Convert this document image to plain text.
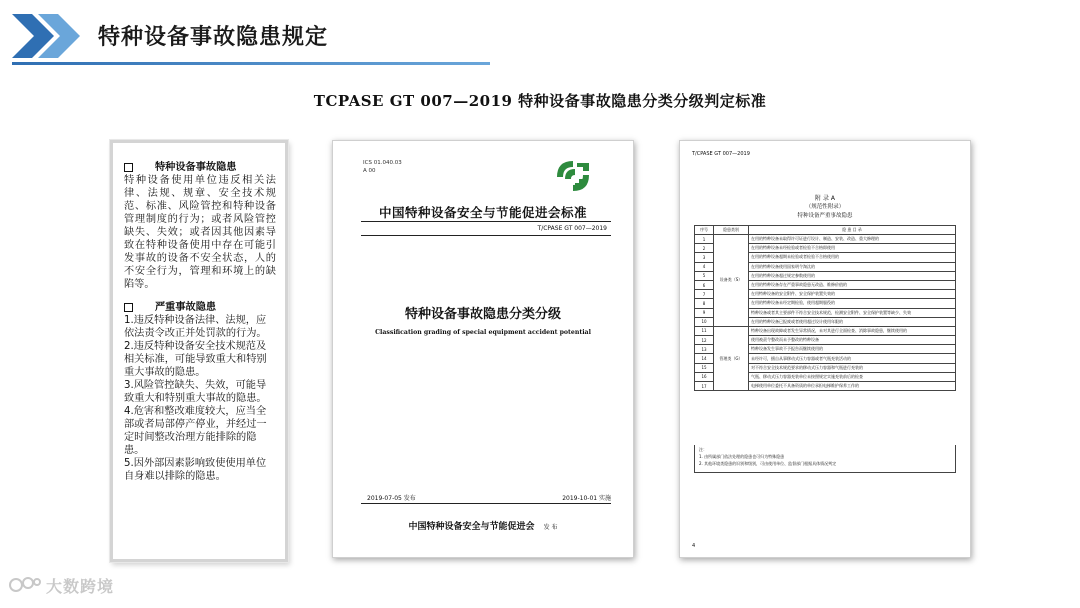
特种设备事故隐患规定
TCPASE GT 007—2019 特种设备事故隐患分类分级判定标准
特种设备事故隐患
特种设备使用单位违反相关法律、法规、规章、安全技术规范、标准、风险管控和特种设备管理制度的行为；或者风险管控缺失、失效；或者因其他因素导致在特种设备使用中存在可能引发事故的设备不安全状态，人的不安全行为，管理和环境上的缺陷等。
严重事故隐患
1.违反特种设备法律、法规，应依法责令改正并处罚款的行为。
2.违反特种设备安全技术规范及相关标准，可能导致重大和特别重大事故的隐患。
3.风险管控缺失、失效，可能导致重大和特别重大事故的隐患。
4.危害和整改难度较大，应当全部或者局部停产停业，并经过一定时间整改治理方能排除的隐患。
5.因外部因素影响致使使用单位自身难以排除的隐患。
ICS 01.040.03
A 00
中国特种设备安全与节能促进会标准
T/CPASE GT 007—2019
特种设备事故隐患分类分级
Classification grading of special equipment accident potential
2019-07-05 发布	2019-10-01 实施
中国特种设备安全与节能促进会 发 布
T/CPASE GT 007—2019
附 录 A
（规范性附录）
特种设备严重事故隐患
序号	隐患类别	隐 患 目 录
1	设备类（S）	在用的特种设备未取得许可证进行设计、制造、安装、改造、重大修理的
2		在用的特种设备未经检验或者检验不合格即使用
3		在用的特种设备超期未检验或者检验不合格使用的
4		在用的特种设备使用国家明令淘汰的
5		在用的特种设备超过规定参数使用的
6		在用的特种设备存在严重事故隐患无改造、维修价值的
7		在用特种设备的安全附件、安全保护装置失效的
8		在用的特种设备未经定期检验，使用超期服役的
9		特种设备或者其主要部件不符合安全技术规范，检测安全附件、安全保护装置等缺少、失效
10		在用的特种设备已报废或者使用超过设计使用年限的
11	管理类（G）	特种设备出现故障或者发生异常情况，未对其进行全面检查、消除事故隐患，继续使用的
12		使用被责令整改而未予整改的特种设备
13		特种设备发生事故不予报告而继续使用的
14		未经许可，擅自从事移动式压力容器或者气瓶充装活动的
15		对不符合安全技术规范要求的移动式压力容器和气瓶进行充装的
16		气瓶、移动式压力容器充装单位未按照规定实施充装前后的检查
17		电梯使用单位委托不具备资质的单位承担电梯维护保养工作的
注：
1. 由所属部门依法处理的隐患也可归为特殊隐患
2. 其他环境类隐患的识别和级别，可由使用单位、监督部门根据具体情况判定
4
大数跨境
